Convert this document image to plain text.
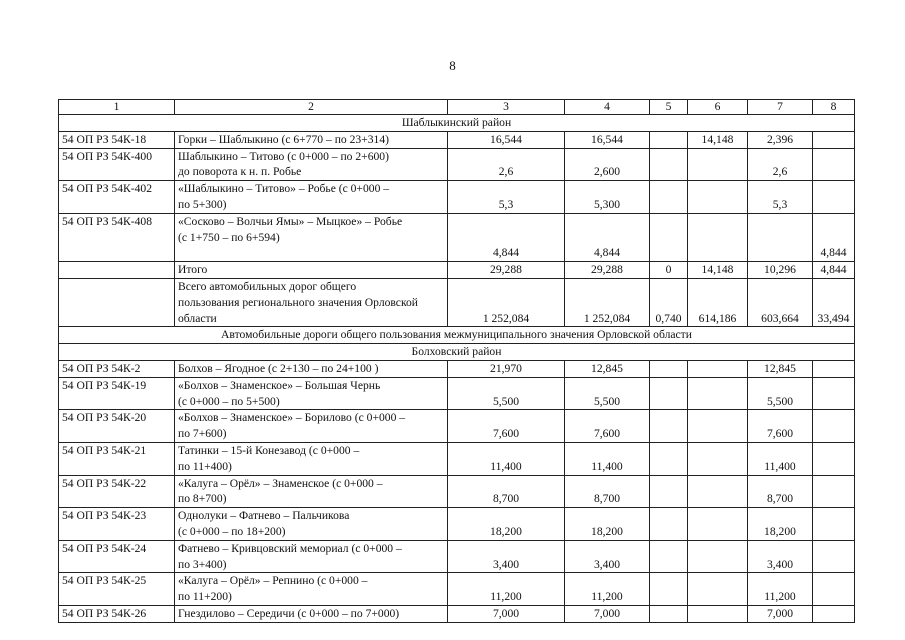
8
1	2	3	4	5	6	7	8
Шаблыкинский район							
54 ОП РЗ 54К-18	Горки – Шаблыкино (с 6+770 – по 23+314)	16,544	16,544		14,148	2,396	
54 ОП РЗ 54К-400	Шаблыкино – Титово (с 0+000 – по 2+600)
до поворота к н. п. Робье	2,6	2,600			2,6	
54 ОП РЗ 54К-402	«Шаблыкино – Титово» – Робье (с 0+000 –
по 5+300)	5,3	5,300			5,3	
54 ОП РЗ 54К-408	«Сосково – Волчьи Ямы» – Мыцкое» – Робье
(с 1+750 – по 6+594)	4,844	4,844				4,844

	Итого	29,288	29,288	0	14,148	10,296	4,844

	Всего автомобильных дорог общего
пользования регионального значения Орловской
области	1 252,084	1 252,084	0,740	614,186	603,664	33,494
Автомобильные дороги общего пользования межмуниципального значения Орловской области							
Болховский район							
54 ОП РЗ 54К-2	Болхов – Ягодное (с 2+130 – по 24+100 )	21,970	12,845			12,845	
54 ОП РЗ 54К-19	«Болхов – Знаменское» – Большая Чернь
(с 0+000 – по 5+500)	5,500	5,500			5,500	
54 ОП РЗ 54К-20	«Болхов – Знаменское» – Борилово (с 0+000 –
по 7+600)	7,600	7,600			7,600	
54 ОП РЗ 54К-21	Татинки – 15-й Конезавод (с 0+000 –
по 11+400)	11,400	11,400			11,400	
54 ОП РЗ 54К-22	«Калуга – Орёл» – Знаменское (с 0+000 –
по 8+700)	8,700	8,700			8,700	
54 ОП РЗ 54К-23	Однолуки – Фатнево – Пальчикова
(с 0+000 – по 18+200)	18,200	18,200			18,200	
54 ОП РЗ 54К-24	Фатнево – Кривцовский мемориал (с 0+000 –
по 3+400)	3,400	3,400			3,400	
54 ОП РЗ 54К-25	«Калуга – Орёл» – Репнино (с 0+000 –
по 11+200)	11,200	11,200			11,200	
54 ОП РЗ 54К-26	Гнездилово – Середичи (с 0+000 – по 7+000)	7,000	7,000			7,000	
